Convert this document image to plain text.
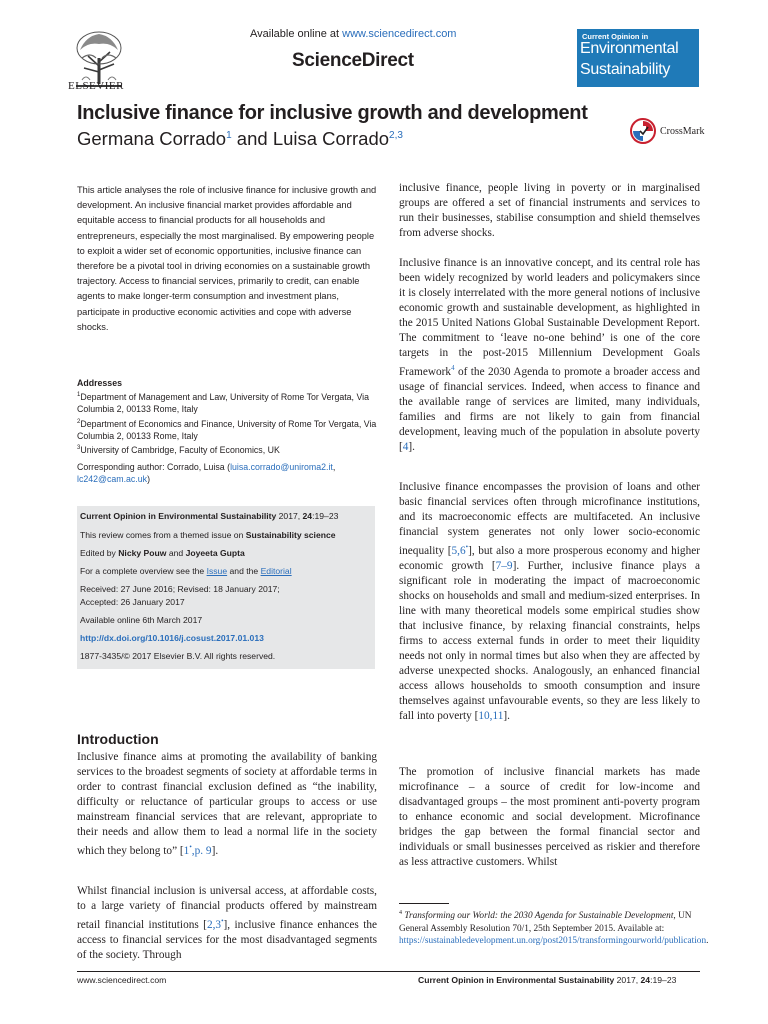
ELSEVIER
Available online at www.sciencedirect.com
ScienceDirect
Current Opinion in
Environmental
Sustainability
Inclusive finance for inclusive growth and development
Germana Corrado$^1$ and Luisa Corrado$^{2,3}$	CrossMark

This article analyses the role of inclusive finance for inclusive growth and development. An inclusive financial market provides affordable and equitable access to financial products for all households and entrepreneurs, especially the most marginalised. By empowering people to exploit a wider set of economic opportunities, inclusive finance can therefore be a pivotal tool in driving economies on a sustainable growth trajectory. Access to financial services, primarily to credit, can enable agents to make longer-term consumption and investment plans, participate in productive economic activities and cope with adverse shocks.

Addresses

$^1$Department of Management and Law, University of Rome Tor Vergata, Via Columbia 2, 00133 Rome, Italy

$^2$Department of Economics and Finance, University of Rome Tor Vergata, Via Columbia 2, 00133 Rome, Italy

$^3$University of Cambridge, Faculty of Economics, UK

Corresponding author: Corrado, Luisa (luisa.corrado@uniroma2.it, lc242@cam.ac.uk)
Current Opinion in Environmental Sustainability 2017, 24:19–23
This review comes from a themed issue on Sustainability science
Edited by Nicky Pouw and Joyeeta Gupta
For a complete overview see the Issue and the Editorial
Received: 27 June 2016; Revised: 18 January 2017;
Accepted: 26 January 2017
Available online 6th March 2017
http://dx.doi.org/10.1016/j.cosust.2017.01.013
1877-3435/© 2017 Elsevier B.V. All rights reserved.
Introduction

Inclusive finance aims at promoting the availability of banking services to the broadest segments of society at affordable terms in order to contrast financial exclusion defined as “the inability, difficulty or reluctance of particular groups to access or use mainstream financial services that are relevant, appropriate to their needs and allow them to lead a normal life in the society which they belong to” [1•,p. 9].

Whilst financial inclusion is universal access, at affordable costs, to a large variety of financial products offered by mainstream retail financial institutions [2,3•], inclusive finance enhances the access to financial services for the most disadvantaged segments of the society. Through

inclusive finance, people living in poverty or in marginalised groups are offered a set of financial instruments and services to run their businesses, stabilise consumption and shield themselves from adverse shocks.

Inclusive finance is an innovative concept, and its central role has been widely recognized by world leaders and policymakers since it is closely interrelated with the more general notions of inclusive economic growth and sustainable development, as highlighted in the 2015 United Nations Global Sustainable Development Report. The commitment to ‘leave no-one behind’ is one of the core targets in the post-2015 Millennium Development Goals Framework$^4$ of the 2030 Agenda to promote a broader access and usage of financial services. Indeed, when access to finance and the available range of services are limited, many individuals, families and firms are not likely to gain from financial development, leaving much of the population in absolute poverty [4].

Inclusive finance encompasses the provision of loans and other basic financial services often through microfinance institutions, and its macroeconomic effects are multifaceted. An inclusive financial system generates not only lower socio-economic inequality [5,6•], but also a more prosperous economy and higher economic growth [7–9]. Further, inclusive finance plays a significant role in moderating the impact of macroeconomic shocks on households and small and medium-sized enterprises. In line with many theoretical models some empirical studies show that inclusive finance, by relaxing financial constraints, helps firms to access external funds in order to meet their liquidity needs not only in normal times but also when they are affected by adverse unexpected shocks. Analogously, an enhanced financial access allows households to smooth consumption and insure themselves against unfavourable events, so they are less likely to fall into poverty [10,11].

The promotion of inclusive financial markets has made microfinance – a source of credit for low-income and disadvantaged groups – the most prominent anti-poverty program to enhance economic and social development. Microfinance bridges the gap between the formal financial sector and individuals or small businesses perceived as riskier and therefore as less attractive customers. Whilst

$^4$ Transforming our World: the 2030 Agenda for Sustainable Development, UN General Assembly Resolution 70/1, 25th September 2015. Available at: https://sustainabledevelopment.un.org/post2015/transformingourworld/publication.

www.sciencedirect.com	Current Opinion in Environmental Sustainability 2017, 24:19–23
